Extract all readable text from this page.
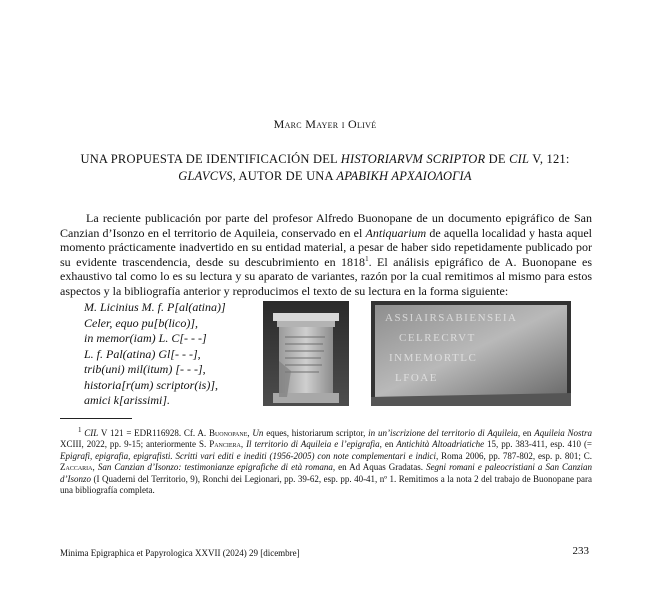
Marc Mayer i Olivé
UNA PROPUESTA DE IDENTIFICACIÓN DEL HISTORIARVM SCRIPTOR DE CIL V, 121:
GLAVCVS, AUTOR DE UNA ΑΡΑΒΙΚΗ ΑΡΧΑΙΟΛΟΓΙΑ
La reciente publicación por parte del profesor Alfredo Buonopane de un documento epigráfico de San Canzian d’Isonzo en el territorio de Aquileia, conservado en el Antiquarium de aquella localidad y hasta aquel momento prácticamente inadvertido en su entidad material, a pesar de haber sido repetidamente publicado por su evidente trascendencia, desde su descubrimiento en 1818$^1$. El análisis epigráfico de A. Buonopane es exhaustivo tal como lo es su lectura y su aparato de variantes, razón por la cual remitimos al mismo para estos aspectos y la bibliografía anterior y reproducimos el texto de su lectura en la forma siguiente:
M. Licinius M. f. P[al(atina)]
Celer, equo pu[b(lico)],
in memor(iam) L. C[- - -]
L. f. Pal(atina) Gl[- - -],
trib(uni) mil(itum) [- - -],
historia[r(um) scriptor(is)],
amici k[arissimi].
ASSIAIRSABIENSEIA
CELRECRVT
INMEMORTLC
LFOAE
$^1$ CIL V 121 = EDR116928. Cf. A. Buonopane, Un eques, historiarum scriptor, in un’iscrizione del territorio di Aquileia, en Aquileia Nostra XCIII, 2022, pp. 9-15; anteriormente S. Panciera, Il territorio di Aquileia e l’epigrafia, en Antichità Altoadriatiche 15, pp. 383-411, esp. 410 (= Epigrafi, epigrafia, epigrafisti. Scritti vari editi e inediti (1956-2005) con note complementari e indici, Roma 2006, pp. 787-802, esp. p. 801; C. Zaccaria, San Canzian d’Isonzo: testimonianze epigrafiche di età romana, en Ad Aquas Gradatas. Segni romani e paleocristiani a San Canzian d’Isonzo (I Quaderni del Territorio, 9), Ronchi dei Legionari, pp. 39-62, esp. pp. 40-41, nº 1. Remitimos a la nota 2 del trabajo de Buonopane para una bibliografía completa.
Minima Epigraphica et Papyrologica XXVII (2024) 29 [dicembre]	233
